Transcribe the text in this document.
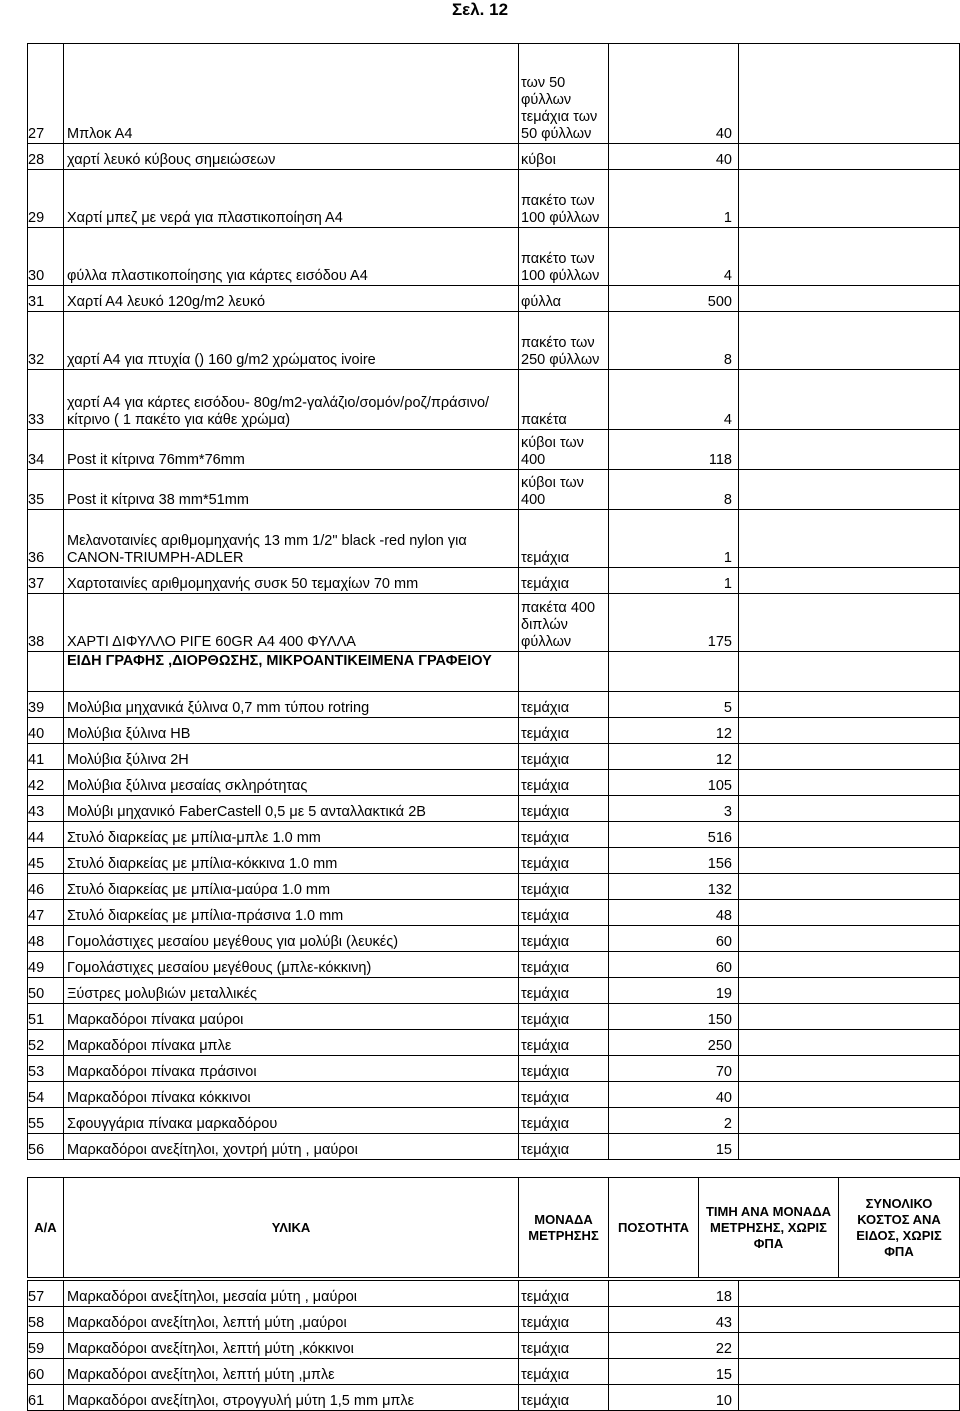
Σελ. 12
27	Μπλοκ Α4	των 50 φύλλων τεμάχια των 50 φύλλων	40	
28	χαρτί λευκό κύβους σημειώσεων	κύβοι	40	
29	Χαρτί μπεζ με νερά για πλαστικοποίηση Α4	πακέτο των 100 φύλλων	1	
30	φύλλα πλαστικοποίησης για κάρτες εισόδου Α4	πακέτο των 100 φύλλων	4	
31	Χαρτί Α4 λευκό 120g/m2 λευκό	φύλλα	500	
32	χαρτί Α4 για πτυχία () 160 g/m2 χρώματος ivoire	πακέτο των 250 φύλλων	8	
33	χαρτί Α4 για κάρτες εισόδου- 80g/m2-γαλάζιο/σομόν/ροζ/πράσινο/κίτρινο ( 1 πακέτο για κάθε χρώμα)	πακέτα	4	
34	Post it κίτρινα 76mm*76mm	κύβοι των 400	118	
35	Post it κίτρινα 38 mm*51mm	κύβοι των 400	8	
36	Μελανοταινίες αριθμομηχανής 13 mm 1/2" black -red nylon για CANON-TRIUMPH-ADLER	τεμάχια	1	
37	Χαρτοταινίες αριθμομηχανής συσκ 50 τεμαχίων 70 mm	τεμάχια	1	
38	ΧΑΡΤΙ ΔΙΦΥΛΛΟ ΡΙΓΕ 60GR Α4 400 ΦΥΛΛΑ	πακέτα 400 διπλών φύλλων	175	
	ΕΙΔΗ ΓΡΑΦΗΣ ,ΔΙΟΡΘΩΣΗΣ, ΜΙΚΡΟΑΝΤΙΚΕΙΜΕΝΑ ΓΡΑΦΕΙΟΥ			
39	Μολύβια μηχανικά ξύλινα 0,7 mm τύπου rotring	τεμάχια	5	
40	Μολύβια ξύλινα ΗΒ	τεμάχια	12	
41	Μολύβια ξύλινα 2Η	τεμάχια	12	
42	Μολύβια ξύλινα μεσαίας σκληρότητας	τεμάχια	105	
43	Μολύβι μηχανικό FaberCastell 0,5 με 5 ανταλλακτικά 2Β	τεμάχια	3	
44	Στυλό διαρκείας με μπίλια-μπλε 1.0 mm	τεμάχια	516	
45	Στυλό διαρκείας με μπίλια-κόκκινα 1.0 mm	τεμάχια	156	
46	Στυλό διαρκείας με μπίλια-μαύρα 1.0 mm	τεμάχια	132	
47	Στυλό διαρκείας με μπίλια-πράσινα 1.0 mm	τεμάχια	48	
48	Γομολάστιχες μεσαίου μεγέθους για μολύβι (λευκές)	τεμάχια	60	
49	Γομολάστιχες μεσαίου μεγέθους (μπλε-κόκκινη)	τεμάχια	60	
50	Ξύστρες μολυβιών μεταλλικές	τεμάχια	19	
51	Μαρκαδόροι πίνακα μαύροι	τεμάχια	150	
52	Μαρκαδόροι πίνακα μπλε	τεμάχια	250	
53	Μαρκαδόροι πίνακα πράσινοι	τεμάχια	70	
54	Μαρκαδόροι πίνακα κόκκινοι	τεμάχια	40	
55	Σφουγγάρια πίνακα μαρκαδόρου	τεμάχια	2	
56	Μαρκαδόροι ανεξίτηλοι, χοντρή μύτη , μαύροι	τεμάχια	15	
Α/Α	ΥΛΙΚΑ	ΜΟΝΑΔΑ ΜΕΤΡΗΣΗΣ	ΠΟΣΟΤΗΤΑ	ΤΙΜΗ ΑΝΑ ΜΟΝΑΔΑ ΜΕΤΡΗΣΗΣ, ΧΩΡΙΣ ΦΠΑ	ΣΥΝΟΛΙΚΟ ΚΟΣΤΟΣ ΑΝΑ ΕΙΔΟΣ, ΧΩΡΙΣ ΦΠΑ
57	Μαρκαδόροι ανεξίτηλοι, μεσαία μύτη , μαύροι	τεμάχια	18	
58	Μαρκαδόροι ανεξίτηλοι, λεπτή μύτη ,μαύροι	τεμάχια	43	
59	Μαρκαδόροι ανεξίτηλοι, λεπτή μύτη ,κόκκινοι	τεμάχια	22	
60	Μαρκαδόροι ανεξίτηλοι, λεπτή μύτη ,μπλε	τεμάχια	15	
61	Μαρκαδόροι ανεξίτηλοι, στρογγυλή μύτη 1,5 mm μπλε	τεμάχια	10	
